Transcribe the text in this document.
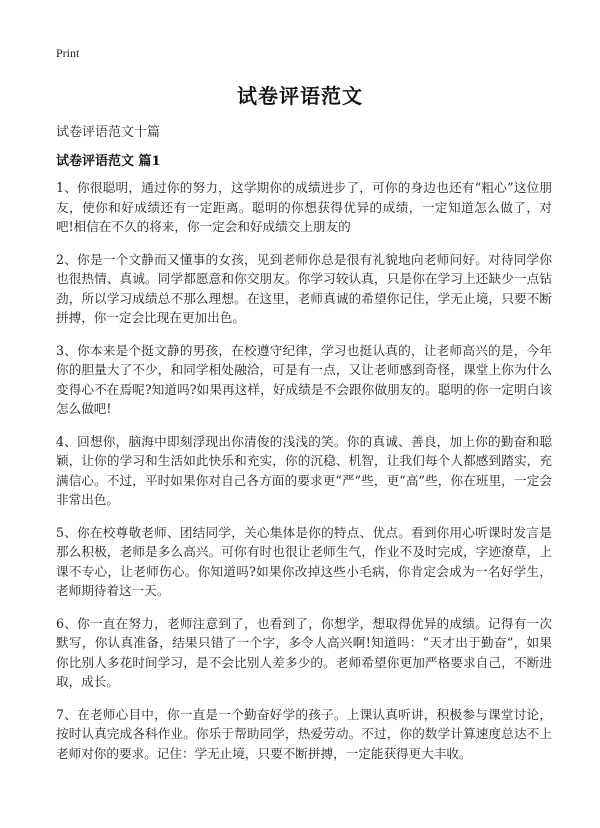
Print
试卷评语范文
试卷评语范文十篇
试卷评语范文 篇1

1、你很聪明，通过你的努力，这学期你的成绩进步了，可你的身边也还有“粗心”这位朋友，使你和好成绩还有一定距离。聪明的你想获得优异的成绩，一定知道怎么做了，对吧!相信在不久的将来，你一定会和好成绩交上朋友的

2、你是一个文静而又懂事的女孩，见到老师你总是很有礼貌地向老师问好。对待同学你也很热情、真诚。同学都愿意和你交朋友。你学习较认真，只是你在学习上还缺少一点钻劲，所以学习成绩总不那么理想。在这里，老师真诚的希望你记住，学无止境，只要不断拼搏，你一定会比现在更加出色。

3、你本来是个挺文静的男孩，在校遵守纪律，学习也挺认真的，让老师高兴的是，今年你的胆量大了不少，和同学相处融洽，可是有一点，又让老师感到奇怪，课堂上你为什么变得心不在焉呢?知道吗?如果再这样，好成绩是不会跟你做朋友的。聪明的你一定明白该怎么做吧!

4、回想你，脑海中即刻浮现出你清俊的浅浅的笑。你的真诚、善良，加上你的勤奋和聪颖，让你的学习和生活如此快乐和充实，你的沉稳、机智，让我们每个人都感到踏实，充满信心。不过，平时如果你对自己各方面的要求更“严”些，更“高”些，你在班里，一定会非常出色。

5、你在校尊敬老师、团结同学，关心集体是你的特点、优点。看到你用心听课时发言是那么积极，老师是多么高兴。可你有时也很让老师生气，作业不及时完成，字迹潦草，上课不专心，让老师伤心。你知道吗?如果你改掉这些小毛病，你肯定会成为一名好学生，老师期待着这一天。

6、你一直在努力，老师注意到了，也看到了，你想学，想取得优异的成绩。记得有一次默写，你认真准备，结果只错了一个字，多令人高兴啊!知道吗：“天才出于勤奋”，如果你比别人多花时间学习，是不会比别人差多少的。老师希望你更加严格要求自己，不断进取，成长。

7、在老师心目中，你一直是一个勤奋好学的孩子。上课认真听讲，积极参与课堂讨论，按时认真完成各科作业。你乐于帮助同学，热爱劳动。不过，你的数学计算速度总达不上老师对你的要求。记住：学无止境，只要不断拼搏，一定能获得更大丰收。
